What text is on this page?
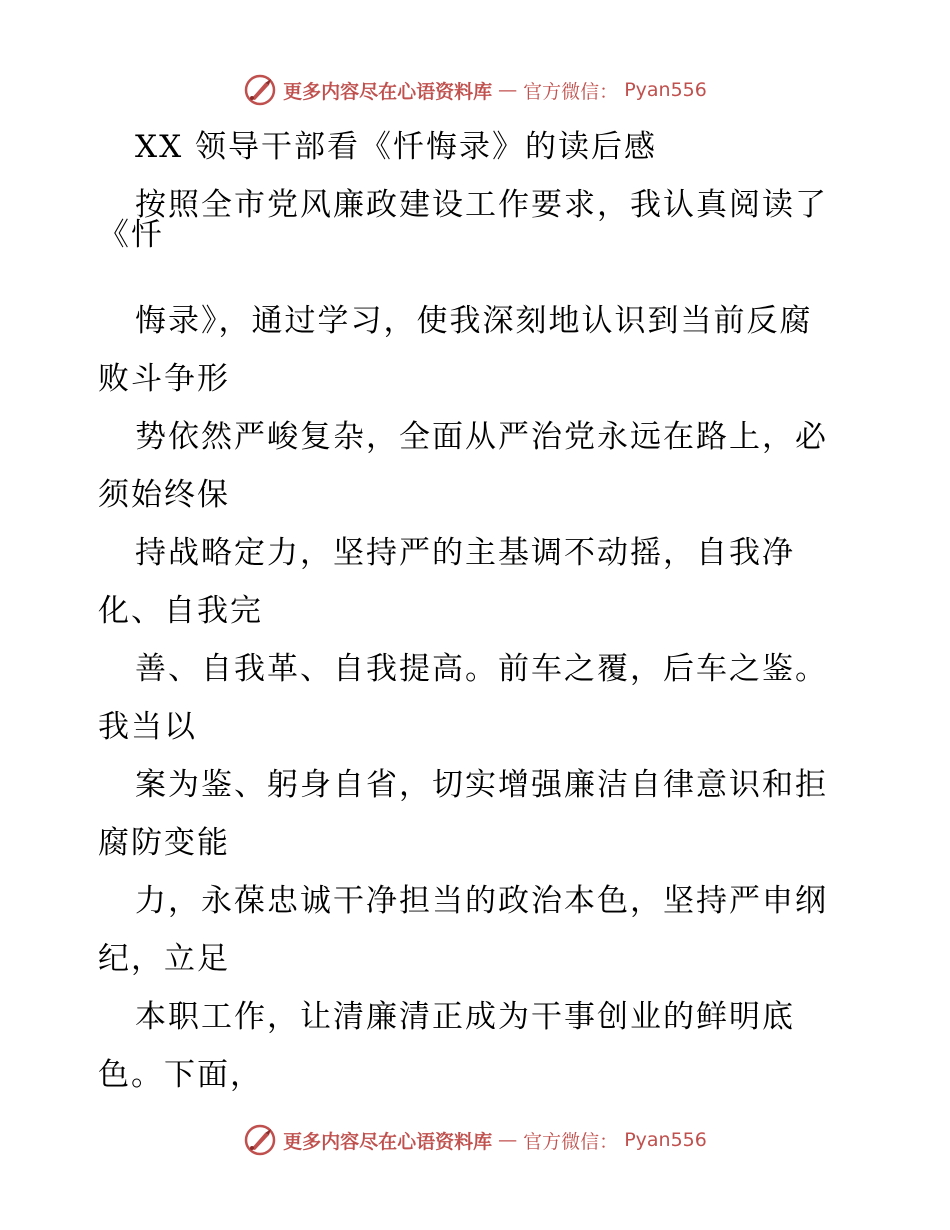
更多内容尽在心语资料库 — 官方微信： Pyan556
XX 领导干部看《忏悔录》的读后感
按照全市党风廉政建设工作要求，我认真阅读了
《忏
悔录》，通过学习，使我深刻地认识到当前反腐
败斗争形
势依然严峻复杂，全面从严治党永远在路上，必
须始终保
持战略定力，坚持严的主基调不动摇，自我净
化、自我完
善、自我革、自我提高。前车之覆，后车之鉴。
我当以
案为鉴、躬身自省，切实增强廉洁自律意识和拒
腐防变能
力，永葆忠诚干净担当的政治本色，坚持严申纲
纪，立足
本职工作，让清廉清正成为干事创业的鲜明底
色。下面，
更多内容尽在心语资料库 — 官方微信： Pyan556
